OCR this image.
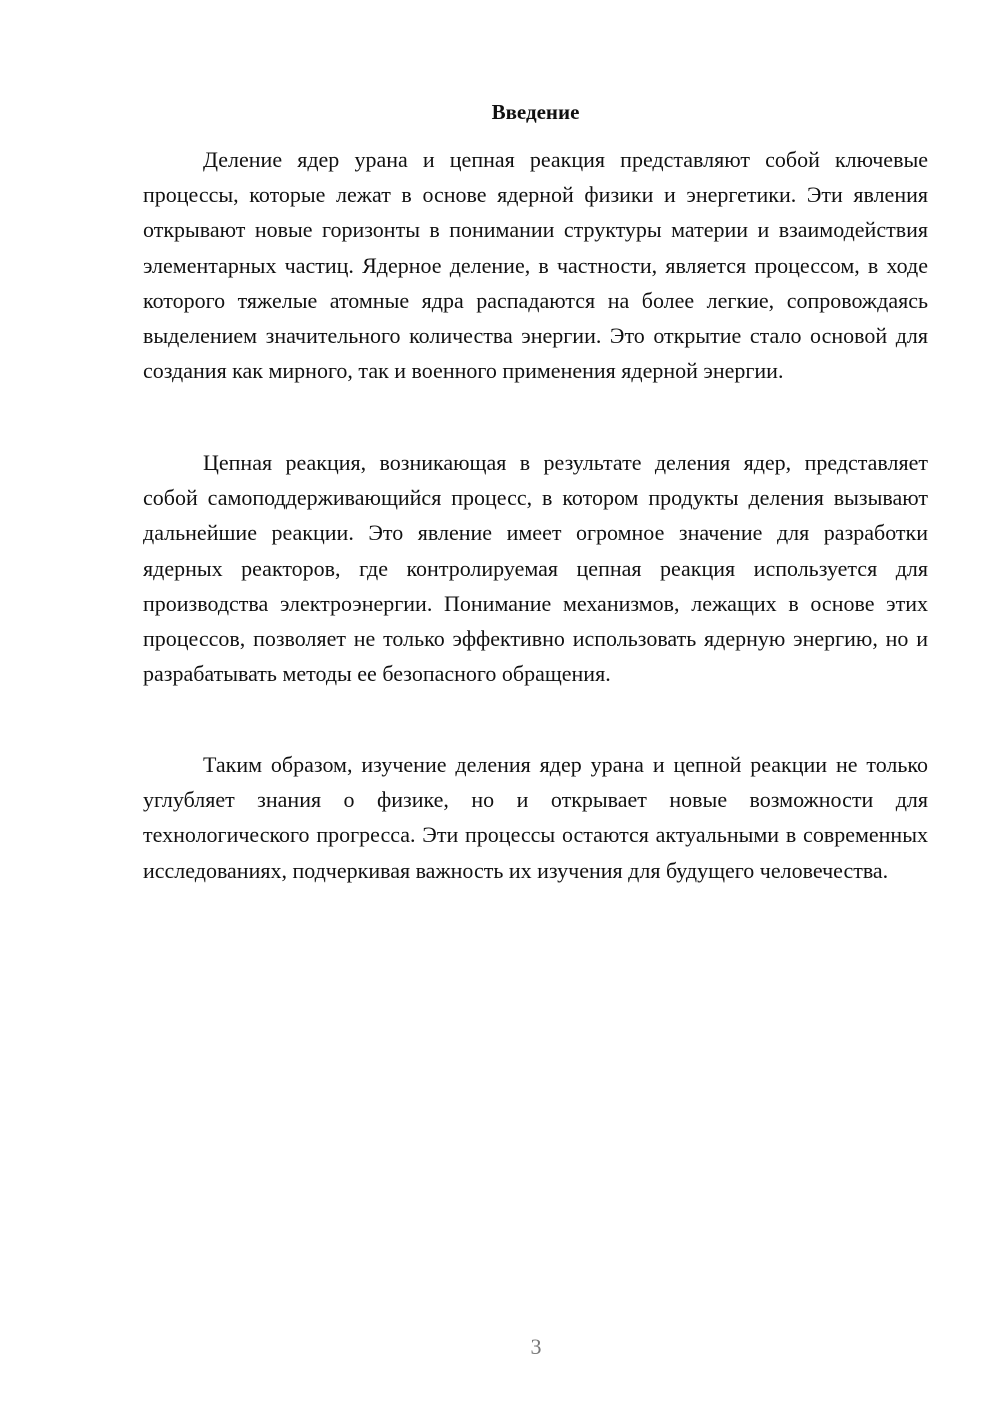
Введение

Деление ядер урана и цепная реакция представляют собой ключевые процессы, которые лежат в основе ядерной физики и энергетики. Эти явления открывают новые горизонты в понимании структуры материи и взаимодействия элементарных частиц. Ядерное деление, в частности, является процессом, в ходе которого тяжелые атомные ядра распадаются на более легкие, сопровождаясь выделением значительного количества энергии. Это открытие стало основой для создания как мирного, так и военного применения ядерной энергии.

Цепная реакция, возникающая в результате деления ядер, представляет собой самоподдерживающийся процесс, в котором продукты деления вызывают дальнейшие реакции. Это явление имеет огромное значение для разработки ядерных реакторов, где контролируемая цепная реакция используется для производства электроэнергии. Понимание механизмов, лежащих в основе этих процессов, позволяет не только эффективно использовать ядерную энергию, но и разрабатывать методы ее безопасного обращения.

Таким образом, изучение деления ядер урана и цепной реакции не только углубляет знания о физике, но и открывает новые возможности для технологического прогресса. Эти процессы остаются актуальными в современных исследованиях, подчеркивая важность их изучения для будущего человечества.

3
